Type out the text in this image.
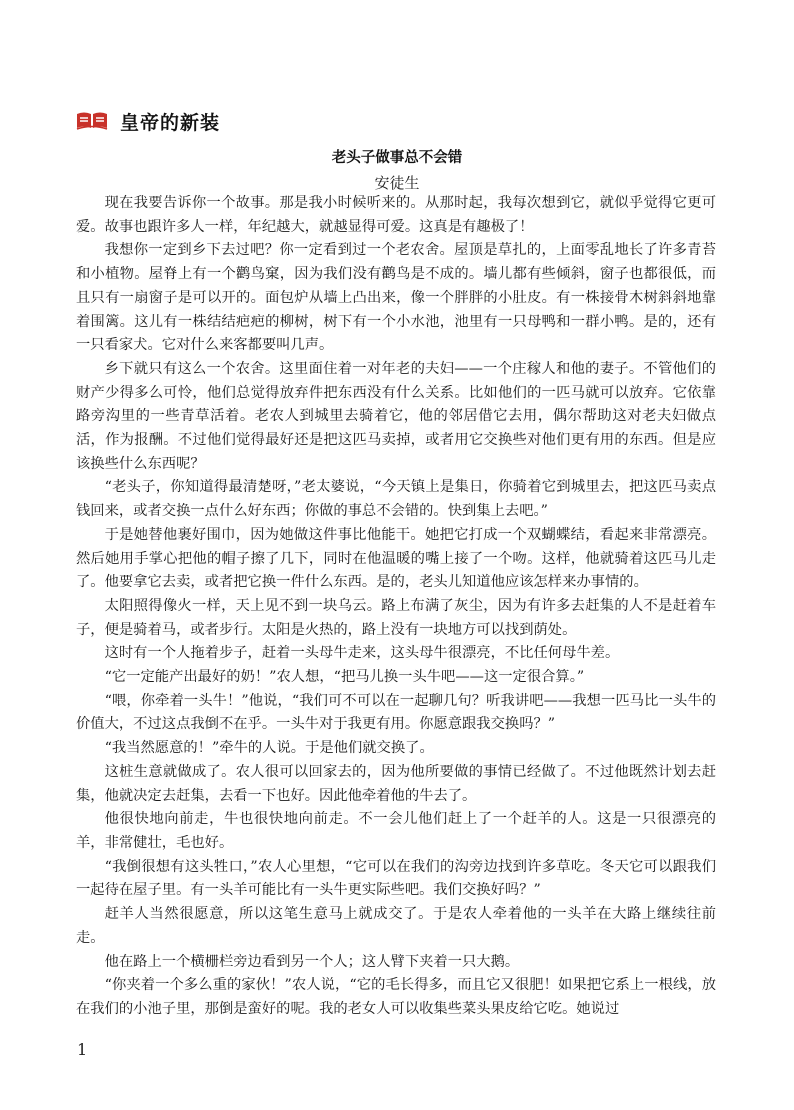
皇帝的新装
老头子做事总不会错
安徒生

现在我要告诉你一个故事。那是我小时候听来的。从那时起，我每次想到它，就似乎觉得它更可爱。故事也跟许多人一样，年纪越大，就越显得可爱。这真是有趣极了！

我想你一定到乡下去过吧？你一定看到过一个老农舍。屋顶是草扎的，上面零乱地长了许多青苔和小植物。屋脊上有一个鹳鸟窠，因为我们没有鹳鸟是不成的。墙儿都有些倾斜，窗子也都很低，而且只有一扇窗子是可以开的。面包炉从墙上凸出来，像一个胖胖的小肚皮。有一株接骨木树斜斜地靠着围篱。这儿有一株结结疤疤的柳树，树下有一个小水池，池里有一只母鸭和一群小鸭。是的，还有一只看家犬。它对什么来客都要叫几声。

乡下就只有这么一个农舍。这里面住着一对年老的夫妇——一个庄稼人和他的妻子。不管他们的财产少得多么可怜，他们总觉得放弃件把东西没有什么关系。比如他们的一匹马就可以放弃。它依靠路旁沟里的一些青草活着。老农人到城里去骑着它，他的邻居借它去用，偶尔帮助这对老夫妇做点活，作为报酬。不过他们觉得最好还是把这匹马卖掉，或者用它交换些对他们更有用的东西。但是应该换些什么东西呢？

“老头子，你知道得最清楚呀，”老太婆说，“今天镇上是集日，你骑着它到城里去，把这匹马卖点钱回来，或者交换一点什么好东西；你做的事总不会错的。快到集上去吧。”

于是她替他裹好围巾，因为她做这件事比他能干。她把它打成一个双蝴蝶结，看起来非常漂亮。然后她用手掌心把他的帽子擦了几下，同时在他温暖的嘴上接了一个吻。这样，他就骑着这匹马儿走了。他要拿它去卖，或者把它换一件什么东西。是的，老头儿知道他应该怎样来办事情的。

太阳照得像火一样，天上见不到一块乌云。路上布满了灰尘，因为有许多去赶集的人不是赶着车子，便是骑着马，或者步行。太阳是火热的，路上没有一块地方可以找到荫处。

这时有一个人拖着步子，赶着一头母牛走来，这头母牛很漂亮，不比任何母牛差。

“它一定能产出最好的奶！”农人想，“把马儿换一头牛吧——这一定很合算。”

“喂，你牵着一头牛！”他说，“我们可不可以在一起聊几句？听我讲吧——我想一匹马比一头牛的价值大，不过这点我倒不在乎。一头牛对于我更有用。你愿意跟我交换吗？”

“我当然愿意的！”牵牛的人说。于是他们就交换了。

这桩生意就做成了。农人很可以回家去的，因为他所要做的事情已经做了。不过他既然计划去赶集，他就决定去赶集，去看一下也好。因此他牵着他的牛去了。

他很快地向前走，牛也很快地向前走。不一会儿他们赶上了一个赶羊的人。这是一只很漂亮的羊，非常健壮，毛也好。

“我倒很想有这头牲口，”农人心里想，“它可以在我们的沟旁边找到许多草吃。冬天它可以跟我们一起待在屋子里。有一头羊可能比有一头牛更实际些吧。我们交换好吗？”

赶羊人当然很愿意，所以这笔生意马上就成交了。于是农人牵着他的一头羊在大路上继续往前走。

他在路上一个横栅栏旁边看到另一个人；这人臂下夹着一只大鹅。

“你夹着一个多么重的家伙！”农人说，“它的毛长得多，而且它又很肥！如果把它系上一根线，放在我们的小池子里，那倒是蛮好的呢。我的老女人可以收集些菜头果皮给它吃。她说过

1
